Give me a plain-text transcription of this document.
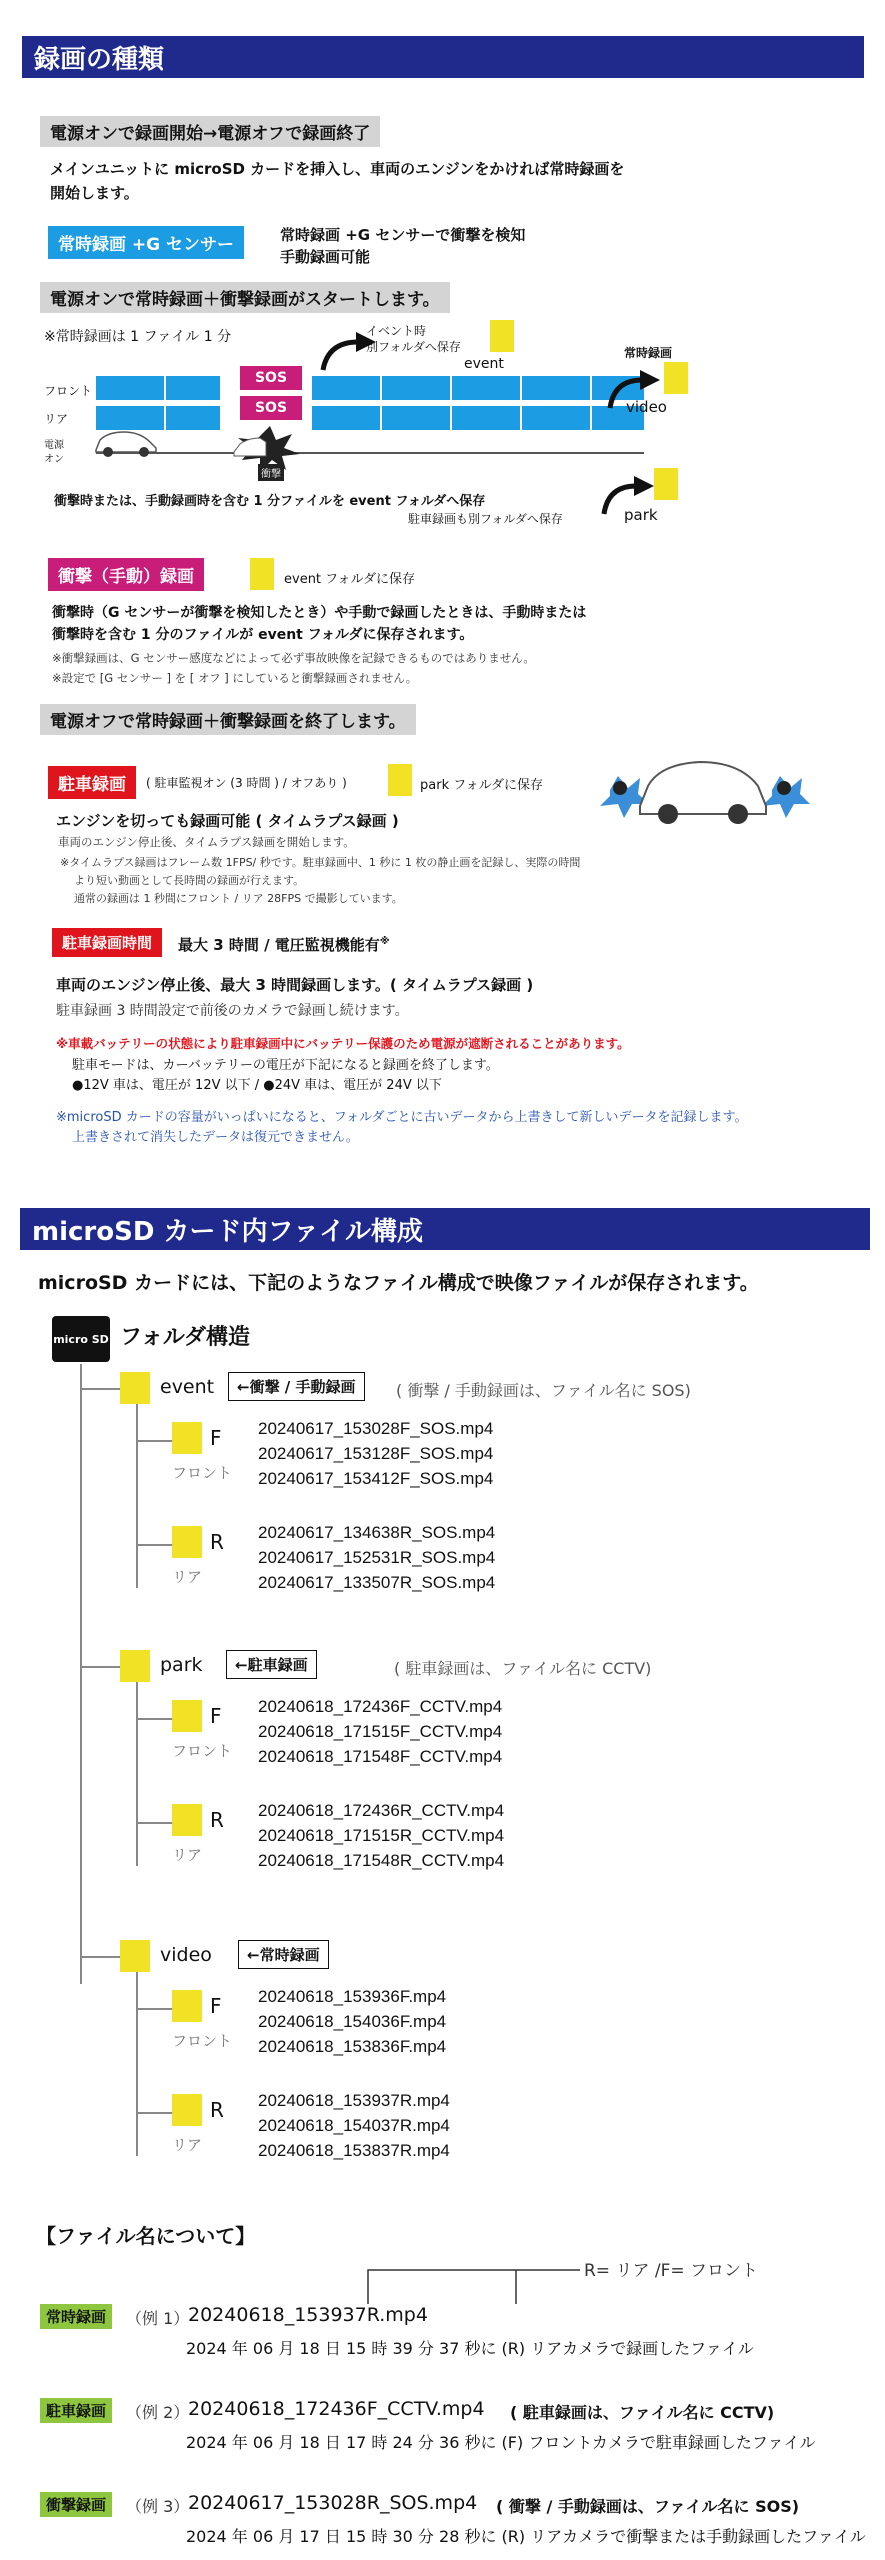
録画の種類
電源オンで録画開始→電源オフで録画終了
メインユニットに microSD カードを挿入し、車両のエンジンをかければ常時録画を
開始します。
常時録画 +G センサー	常時録画 +G センサーで衝撃を検知
手動録画可能
電源オンで常時録画＋衝撃録画がスタートします。
※常時録画は 1 ファイル 1 分	イベント時
別フォルダへ保存
event
常時録画
フロント
リア
SOS
SOS	video
電源
オン
衝撃
衝撃時または、手動録画時を含む 1 分ファイルを event フォルダへ保存
駐車録画も別フォルダへ保存	park
衝撃（手動）録画	event フォルダに保存
衝撃時（G センサーが衝撃を検知したとき）や手動で録画したときは、手動時または
衝撃時を含む 1 分のファイルが event フォルダに保存されます。
※衝撃録画は、G センサー感度などによって必ず事故映像を記録できるものではありません。
※設定で [G センサー ] を [ オフ ] にしていると衝撃録画されません。
電源オフで常時録画＋衝撃録画を終了します。
駐車録画	( 駐車監視オン (3 時間 ) / オフあり )	park フォルダに保存
エンジンを切っても録画可能 ( タイムラプス録画 )
車両のエンジン停止後、タイムラプス録画を開始します。
※タイムラプス録画はフレーム数 1FPS/ 秒です。駐車録画中、1 秒に 1 枚の静止画を記録し、実際の時間
より短い動画として長時間の録画が行えます。
通常の録画は 1 秒間にフロント / リア 28FPS で撮影しています。
駐車録画時間	最大 3 時間 / 電圧監視機能有※
車両のエンジン停止後、最大 3 時間録画します。( タイムラプス録画 )
駐車録画 3 時間設定で前後のカメラで録画し続けます。
※車載バッテリーの状態により駐車録画中にバッテリー保護のため電源が遮断されることがあります。
駐車モードは、カーバッテリーの電圧が下記になると録画を終了します。
●12V 車は、電圧が 12V 以下 / ●24V 車は、電圧が 24V 以下
※microSD カードの容量がいっぱいになると、フォルダごとに古いデータから上書きして新しいデータを記録します。
上書きされて消失したデータは復元できません。
microSD カード内ファイル構成
microSD カードには、下記のようなファイル構成で映像ファイルが保存されます。
micro SD フォルダ構造
event	←衝撃 / 手動録画	( 衝撃 / 手動録画は、ファイル名に SOS)
F
フロント
20240617_153028F_SOS.mp4
20240617_153128F_SOS.mp4
20240617_153412F_SOS.mp4
R
リア
20240617_134638R_SOS.mp4
20240617_152531R_SOS.mp4
20240617_133507R_SOS.mp4
park	←駐車録画	( 駐車録画は、ファイル名に CCTV)
F
フロント
20240618_172436F_CCTV.mp4
20240618_171515F_CCTV.mp4
20240618_171548F_CCTV.mp4
R
リア
20240618_172436R_CCTV.mp4
20240618_171515R_CCTV.mp4
20240618_171548R_CCTV.mp4
video	←常時録画
F
フロント
20240618_153936F.mp4
20240618_154036F.mp4
20240618_153836F.mp4
R
リア
20240618_153937R.mp4
20240618_154037R.mp4
20240618_153837R.mp4
【ファイル名について】
R= リア /F= フロント
常時録画	（例 1）
20240618_153937R.mp4
2024 年 06 月 18 日 15 時 39 分 37 秒に (R) リアカメラで録画したファイル
駐車録画	（例 2）
20240618_172436F_CCTV.mp4 ( 駐車録画は、ファイル名に CCTV)
2024 年 06 月 18 日 17 時 24 分 36 秒に (F) フロントカメラで駐車録画したファイル
衝撃録画	（例 3）
20240617_153028R_SOS.mp4 ( 衝撃 / 手動録画は、ファイル名に SOS)
2024 年 06 月 17 日 15 時 30 分 28 秒に (R) リアカメラで衝撃または手動録画したファイル
